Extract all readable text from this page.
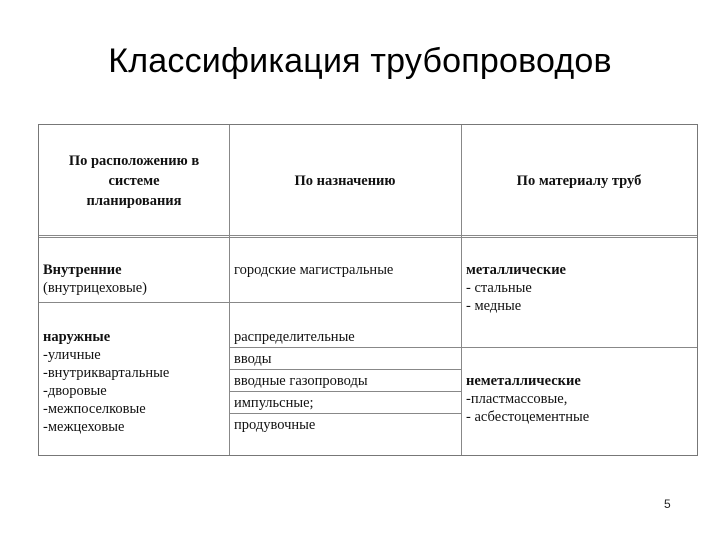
Классификация трубопроводов
По расположению в
системе
планирования
По назначению	По материалу труб
Внутренние
(внутрицеховые)
наружные
-уличные
-внутриквартальные
-дворовые
-межпоселковые
-межцеховые
городские магистральные
распределительные
вводы
вводные газопроводы
импульсные;
продувочные
металлические
- стальные
- медные
неметаллические
-пластмассовые,
- асбестоцементные
5
